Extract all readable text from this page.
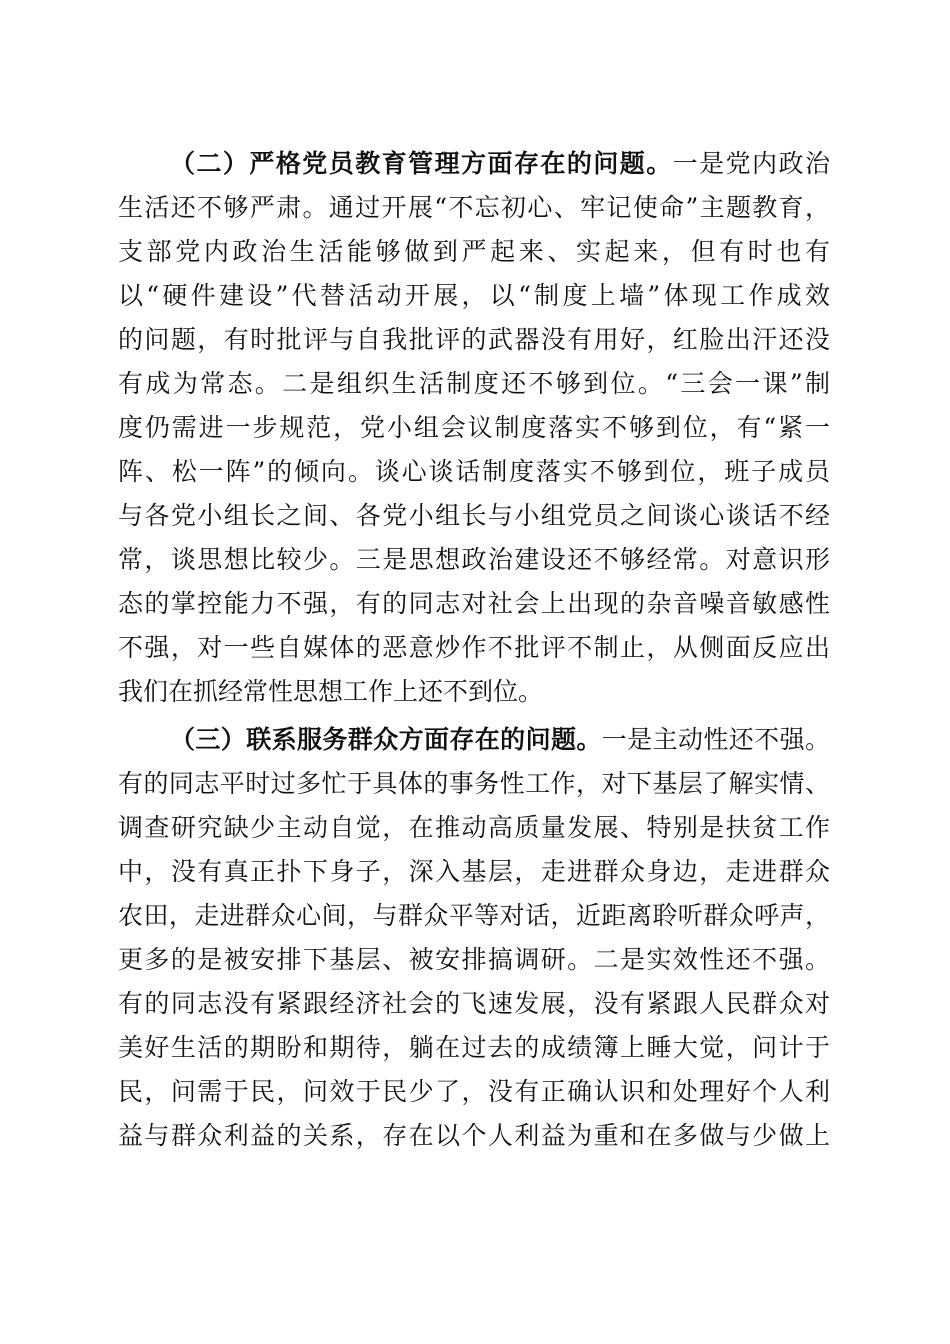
（二）严格党员教育管理方面存在的问题。一是党内政治
生活还不够严肃。通过开展“不忘初心、牢记使命”主题教育，
支部党内政治生活能够做到严起来、实起来，但有时也有
以“硬件建设”代替活动开展，以“制度上墙”体现工作成效
的问题，有时批评与自我批评的武器没有用好，红脸出汗还没
有成为常态。二是组织生活制度还不够到位。“三会一课”制
度仍需进一步规范，党小组会议制度落实不够到位，有“紧一
阵、松一阵”的倾向。谈心谈话制度落实不够到位，班子成员
与各党小组长之间、各党小组长与小组党员之间谈心谈话不经
常，谈思想比较少。三是思想政治建设还不够经常。对意识形
态的掌控能力不强，有的同志对社会上出现的杂音噪音敏感性
不强，对一些自媒体的恶意炒作不批评不制止，从侧面反应出
我们在抓经常性思想工作上还不到位。
（三）联系服务群众方面存在的问题。一是主动性还不强。
有的同志平时过多忙于具体的事务性工作，对下基层了解实情、
调查研究缺少主动自觉，在推动高质量发展、特别是扶贫工作
中，没有真正扑下身子，深入基层，走进群众身边，走进群众
农田，走进群众心间，与群众平等对话，近距离聆听群众呼声，
更多的是被安排下基层、被安排搞调研。二是实效性还不强。
有的同志没有紧跟经济社会的飞速发展，没有紧跟人民群众对
美好生活的期盼和期待，躺在过去的成绩簿上睡大觉，问计于
民，问需于民，问效于民少了，没有正确认识和处理好个人利
益与群众利益的关系，存在以个人利益为重和在多做与少做上
